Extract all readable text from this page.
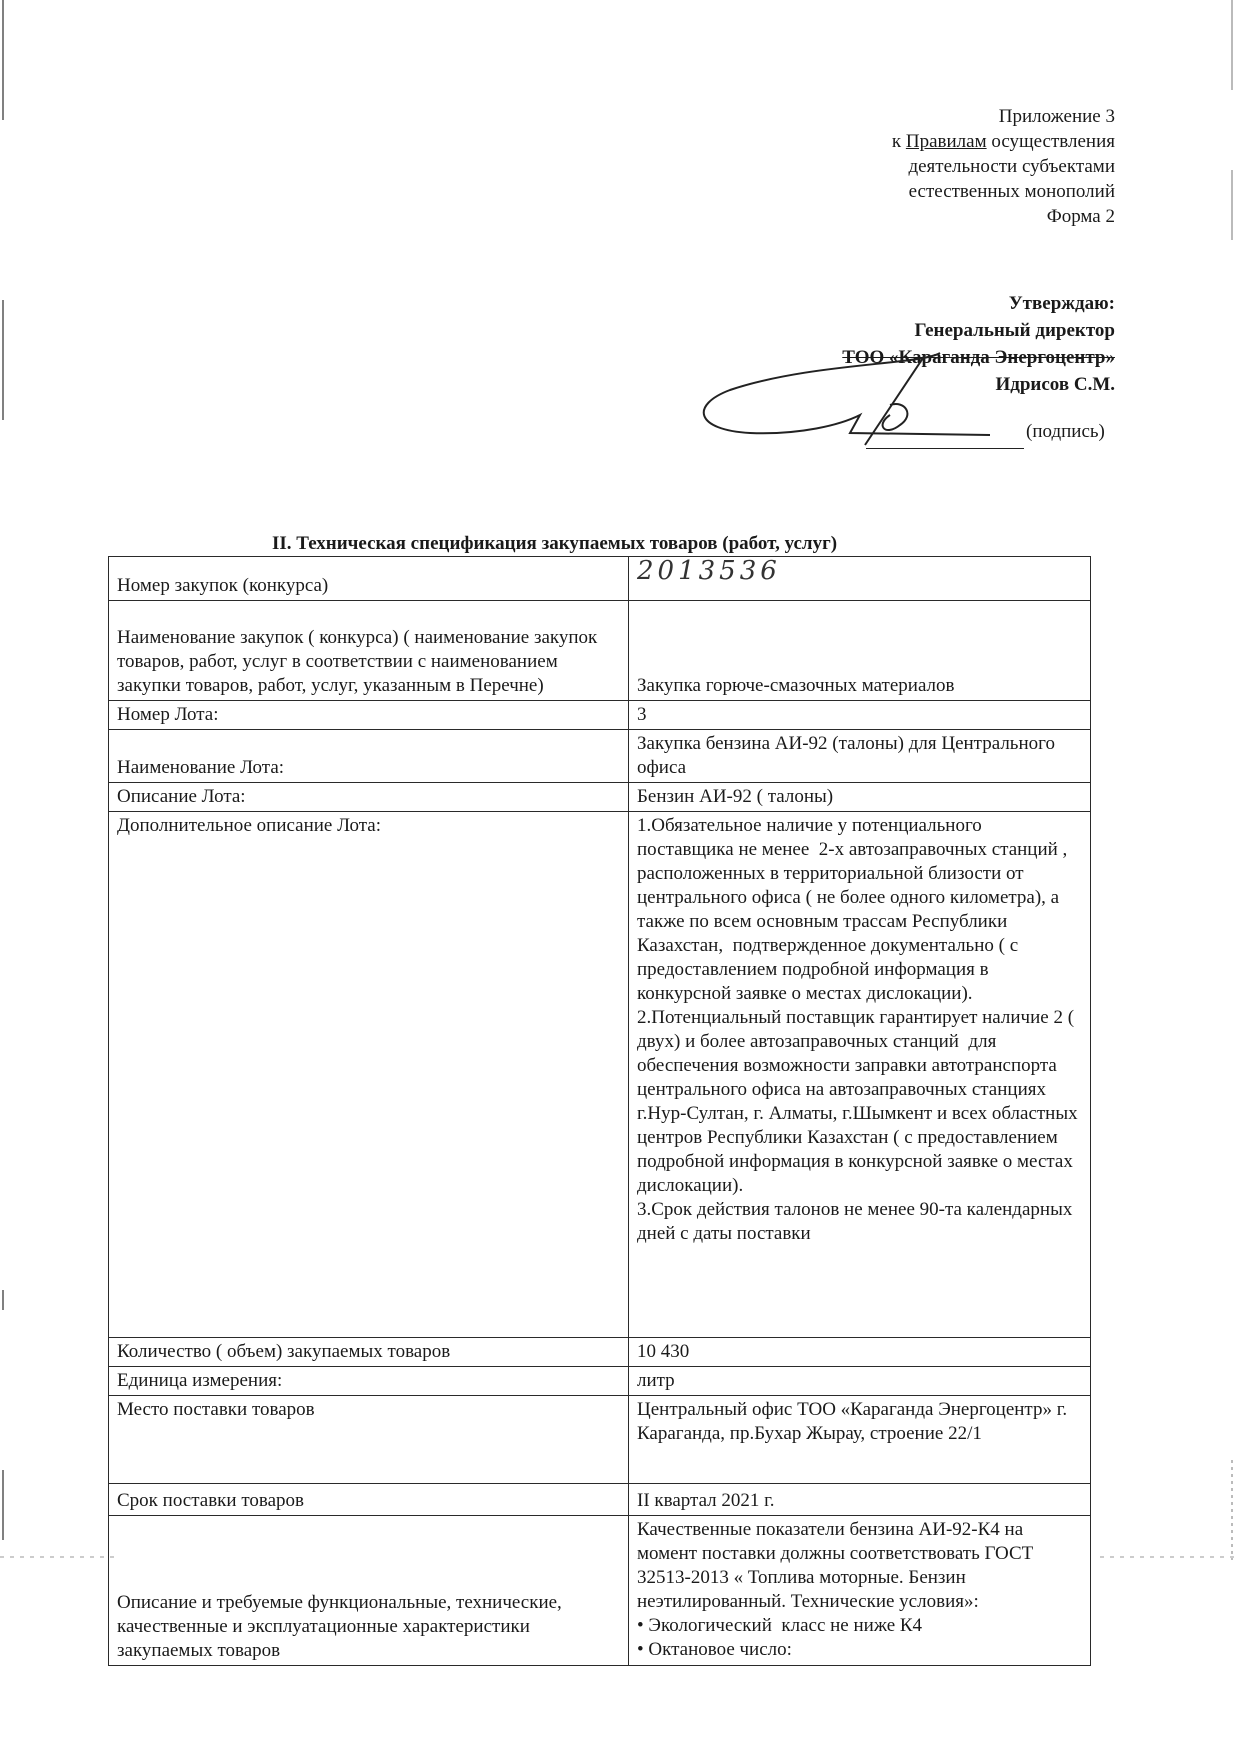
Приложение 3
к Правилам осуществления
деятельности субъектами
естественных монополий
Форма 2
Утверждаю:
Генеральный директор
ТОО «Караганда Энергоцентр»
Идрисов С.М.
(подпись)
II. Техническая спецификация закупаемых товаров (работ, услуг)
Номер закупок (конкурса)	2013536
Наименование закупок ( конкурса) ( наименование закупок товаров, работ, услуг в соответствии с наименованием закупки товаров, работ, услуг, указанным в Перечне)	Закупка горюче-смазочных материалов
Номер Лота:	3
Наименование Лота:	Закупка бензина АИ-92 (талоны) для Центрального офиса
Описание Лота:	Бензин АИ-92 ( талоны)
Дополнительное описание Лота:	1.Обязательное наличие у потенциального поставщика не менее  2-х автозаправочных станций , расположенных в территориальной близости от центрального офиса ( не более одного километра), а также по всем основным трассам Республики Казахстан,  подтвержденное документально ( с предоставлением подробной информация в конкурсной заявке о местах дислокации).
2.Потенциальный поставщик гарантирует наличие 2 ( двух) и более автозаправочных станций  для обеспечения возможности заправки автотранспорта центрального офиса на автозаправочных станциях г.Нур-Султан, г. Алматы, г.Шымкент и всех областных центров Республики Казахстан ( с предоставлением подробной информация в конкурсной заявке о местах дислокации).
3.Срок действия талонов не менее 90-та календарных дней с даты поставки
Количество ( объем) закупаемых товаров	10 430
Единица измерения:	литр
Место поставки товаров	Центральный офис ТОО «Караганда Энергоцентр» г. Караганда, пр.Бухар Жырау, строение 22/1
Срок поставки товаров	II квартал 2021 г.
Описание и требуемые функциональные, технические, качественные и эксплуатационные характеристики закупаемых товаров	Качественные показатели бензина АИ-92-К4 на момент поставки должны соответствовать ГОСТ 32513-2013 « Топлива моторные. Бензин неэтилированный. Технические условия»:
• Экологический  класс не ниже К4
• Октановое число:
